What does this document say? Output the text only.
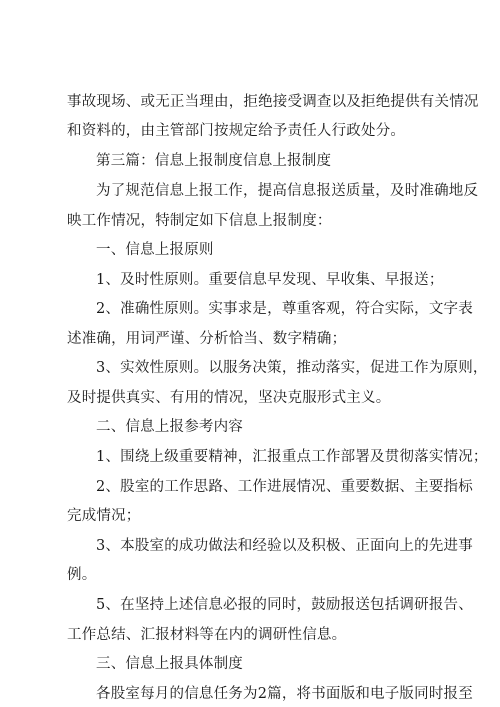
事故现场、或无正当理由，拒绝接受调查以及拒绝提供有关情况
和资料的，由主管部门按规定给予责任人行政处分。
第三篇：信息上报制度信息上报制度
为了规范信息上报工作，提高信息报送质量，及时准确地反
映工作情况，特制定如下信息上报制度：
一、信息上报原则
1、及时性原则。重要信息早发现、早收集、早报送；
2、准确性原则。实事求是，尊重客观，符合实际，文字表
述准确，用词严谨、分析恰当、数字精确；
3、实效性原则。以服务决策，推动落实，促进工作为原则，
及时提供真实、有用的情况，坚决克服形式主义。
二、信息上报参考内容
1、围绕上级重要精神，汇报重点工作部署及贯彻落实情况；
2、股室的工作思路、工作进展情况、重要数据、主要指标
完成情况；
3、本股室的成功做法和经验以及积极、正面向上的先进事
例。
5、在坚持上述信息必报的同时，鼓励报送包括调研报告、
工作总结、汇报材料等在内的调研性信息。
三、信息上报具体制度
各股室每月的信息任务为2篇，将书面版和电子版同时报至
